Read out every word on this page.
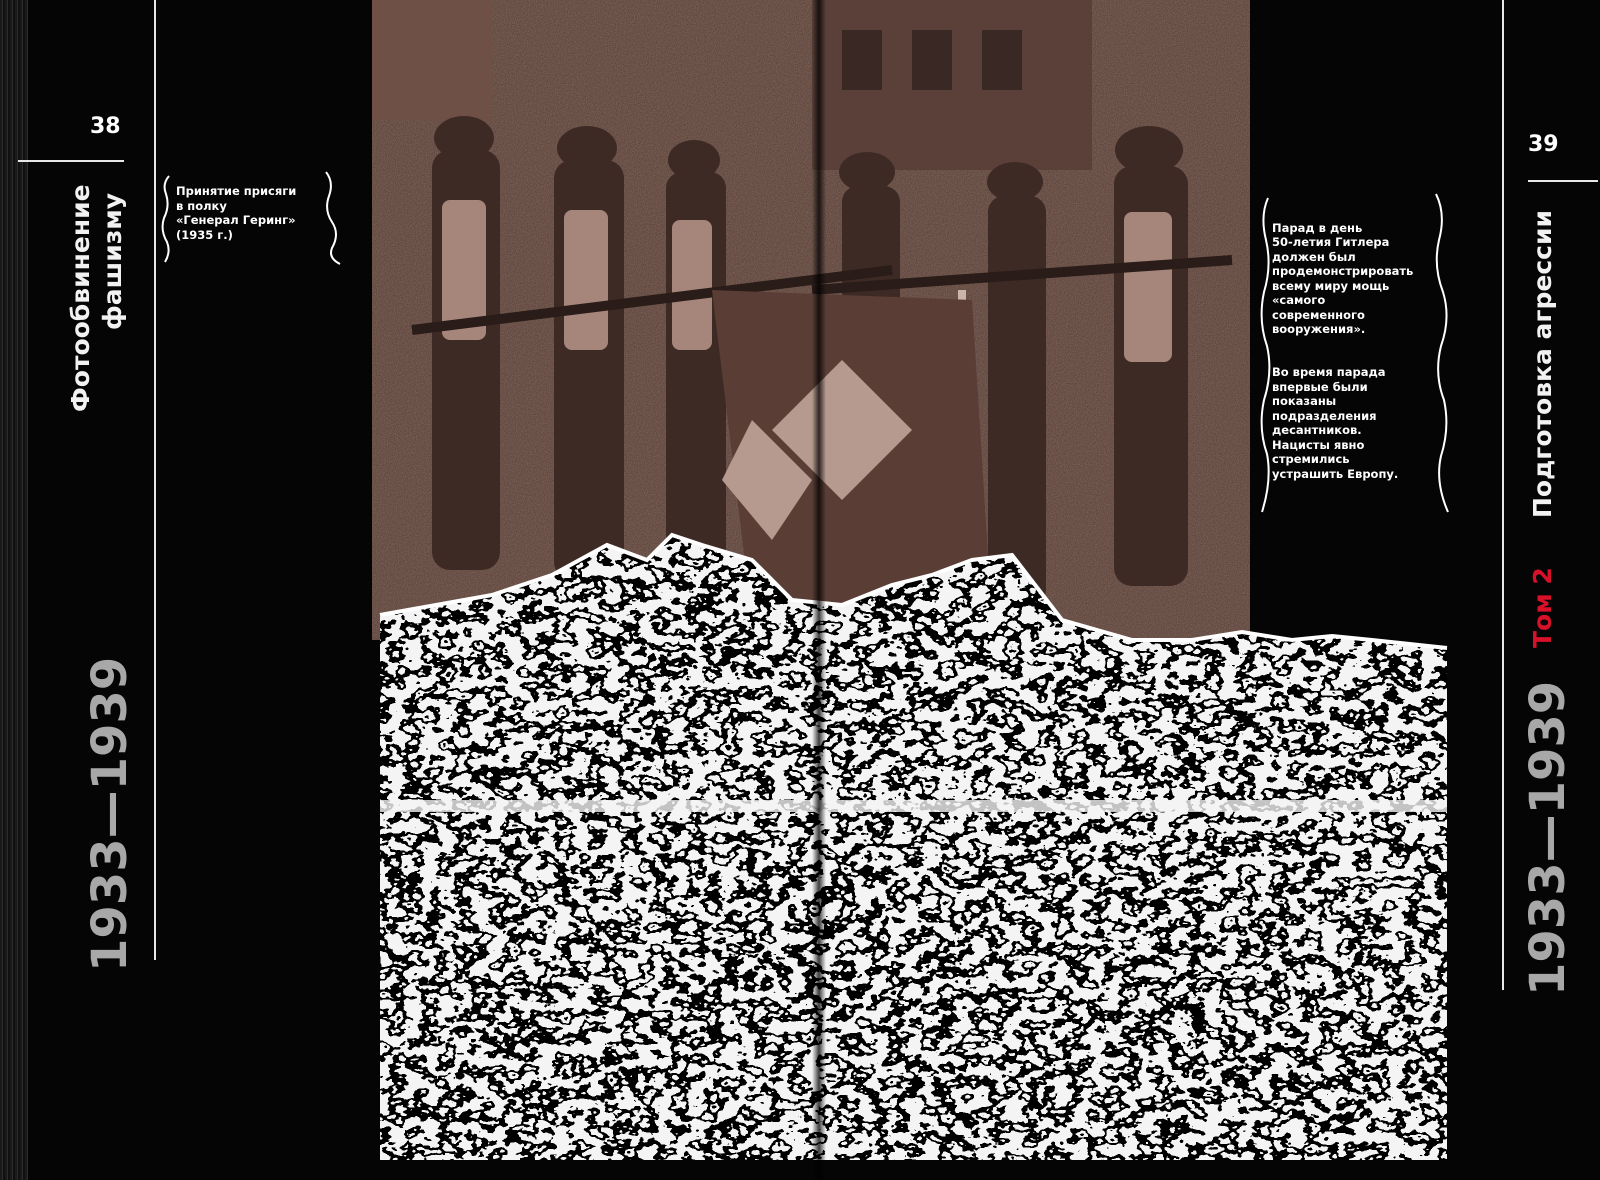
38
Фотообвинение фашизму
1933—1939
Принятие присяги
в полку
«Генерал Геринг»
(1935 г.)	Парад в день
50-летия Гитлера
должен был
продемонстрировать
всему миру мощь
«самого
современного
вооружения».

Во время парада
впервые были
показаны
подразделения
десантников.
Нацисты явно
стремились
устрашить Европу.

39
Подготовка агрессии
Том 2
1933—1939
